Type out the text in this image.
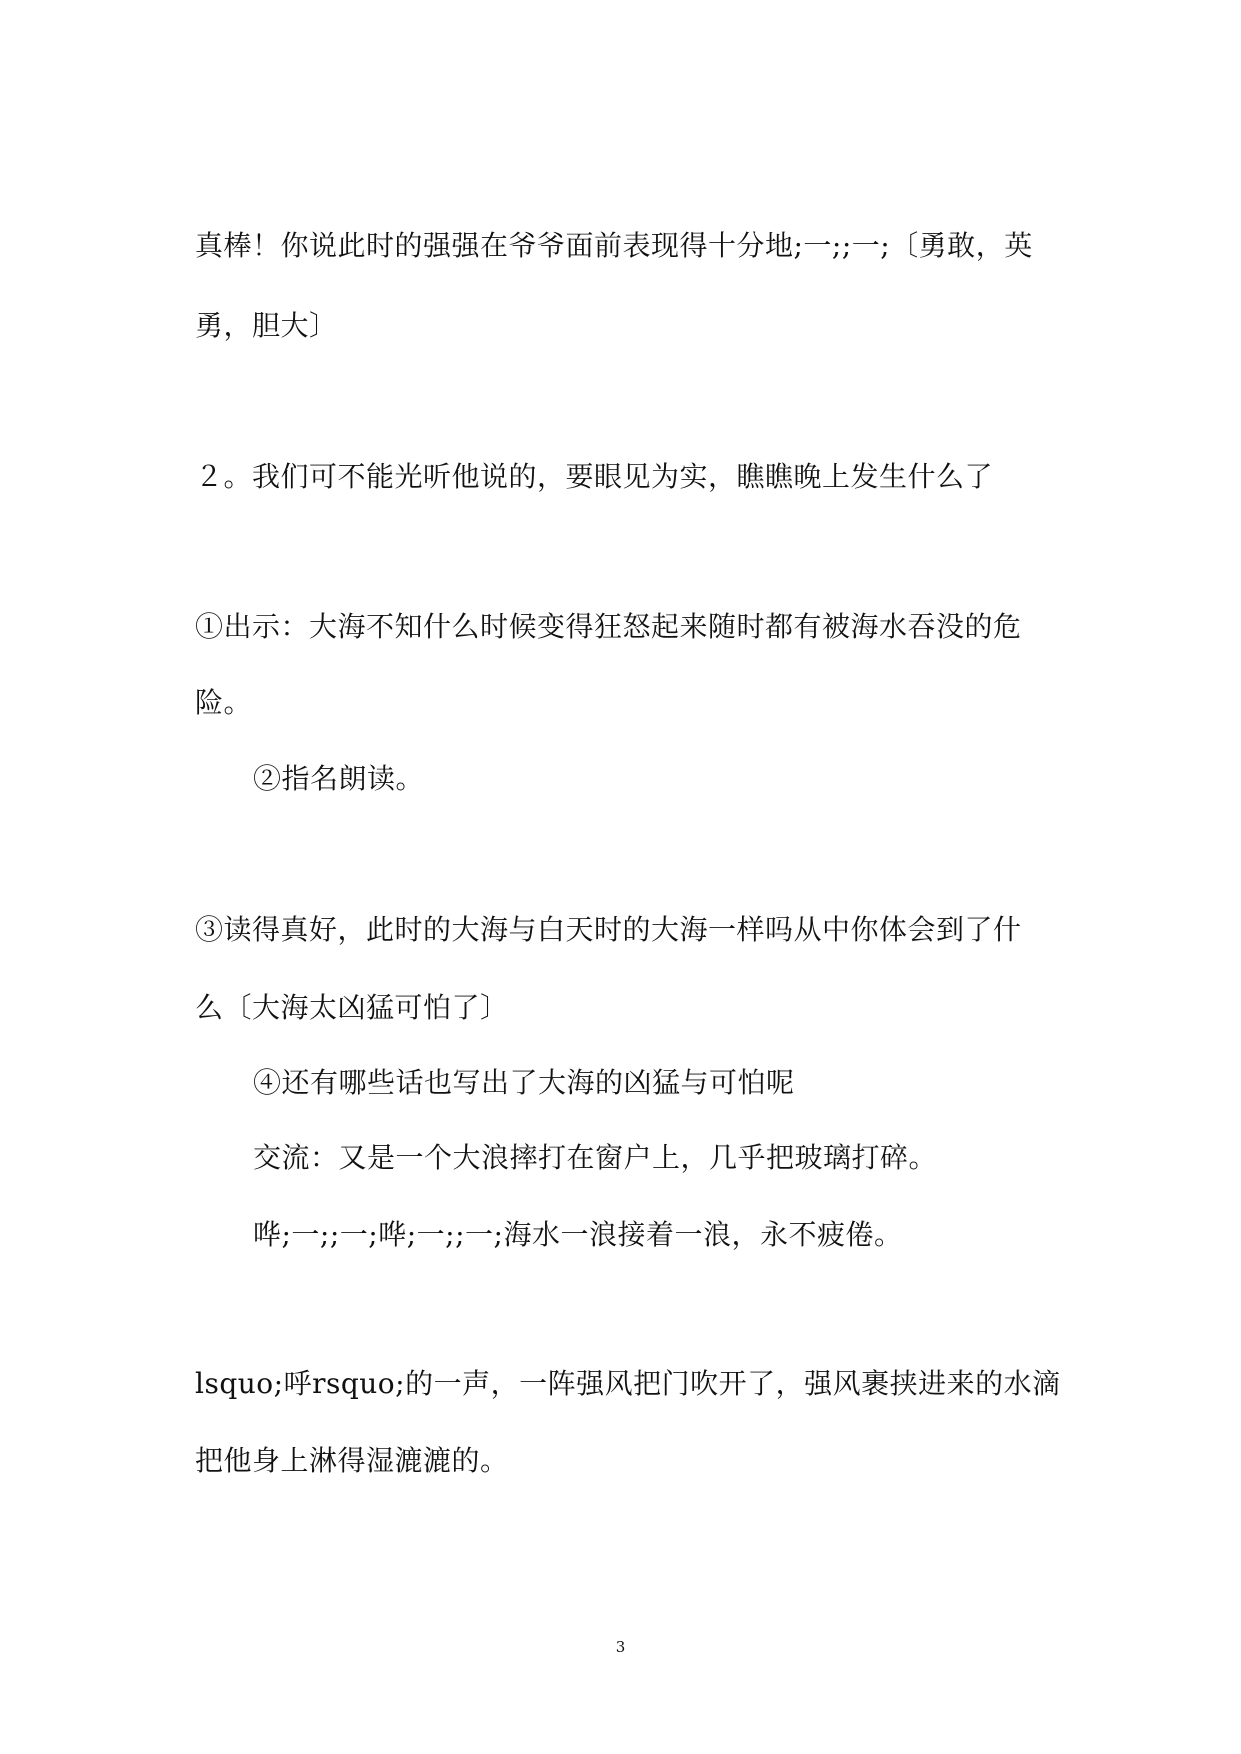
真棒！你说此时的强强在爷爷面前表现得十分地;一;;一;〔勇敢，英
勇，胆大〕
２。我们可不能光听他说的，要眼见为实，瞧瞧晚上发生什么了
①出示：大海不知什么时候变得狂怒起来随时都有被海水吞没的危
险。
②指名朗读。
③读得真好，此时的大海与白天时的大海一样吗从中你体会到了什
么〔大海太凶猛可怕了〕
④还有哪些话也写出了大海的凶猛与可怕呢
交流：又是一个大浪摔打在窗户上，几乎把玻璃打碎。
哗;一;;一;哗;一;;一;海水一浪接着一浪，永不疲倦。
lsquo;呼rsquo;的一声，一阵强风把门吹开了，强风裹挟进来的水滴
把他身上淋得湿漉漉的。
3
